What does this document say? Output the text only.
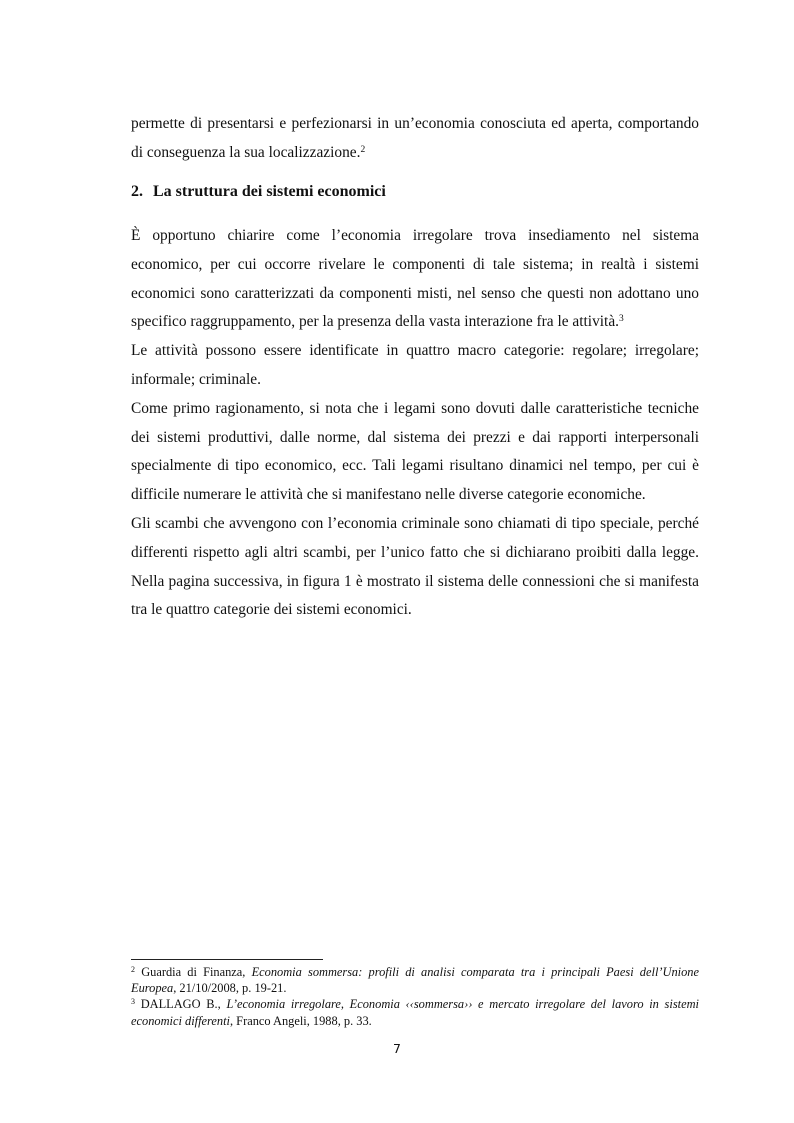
permette di presentarsi e perfezionarsi in un’economia conosciuta ed aperta, comportando di conseguenza la sua localizzazione.$^2$
2. La struttura dei sistemi economici

È opportuno chiarire come l’economia irregolare trova insediamento nel sistema economico, per cui occorre rivelare le componenti di tale sistema; in realtà i sistemi economici sono caratterizzati da componenti misti, nel senso che questi non adottano uno specifico raggruppamento, per la presenza della vasta interazione fra le attività.$^3$

Le attività possono essere identificate in quattro macro categorie: regolare; irregolare; informale; criminale.

Come primo ragionamento, si nota che i legami sono dovuti dalle caratteristiche tecniche dei sistemi produttivi, dalle norme, dal sistema dei prezzi e dai rapporti interpersonali specialmente di tipo economico, ecc. Tali legami risultano dinamici nel tempo, per cui è difficile numerare le attività che si manifestano nelle diverse categorie economiche.

Gli scambi che avvengono con l’economia criminale sono chiamati di tipo speciale, perché differenti rispetto agli altri scambi, per l’unico fatto che si dichiarano proibiti dalla legge. Nella pagina successiva, in figura 1 è mostrato il sistema delle connessioni che si manifesta tra le quattro categorie dei sistemi economici.

$^2$ Guardia di Finanza, Economia sommersa: profili di analisi comparata tra i principali Paesi dell’Unione Europea, 21/10/2008, p. 19-21.

$^3$ DALLAGO B., L’economia irregolare, Economia ‹‹sommersa›› e mercato irregolare del lavoro in sistemi economici differenti, Franco Angeli, 1988, p. 33.

7
